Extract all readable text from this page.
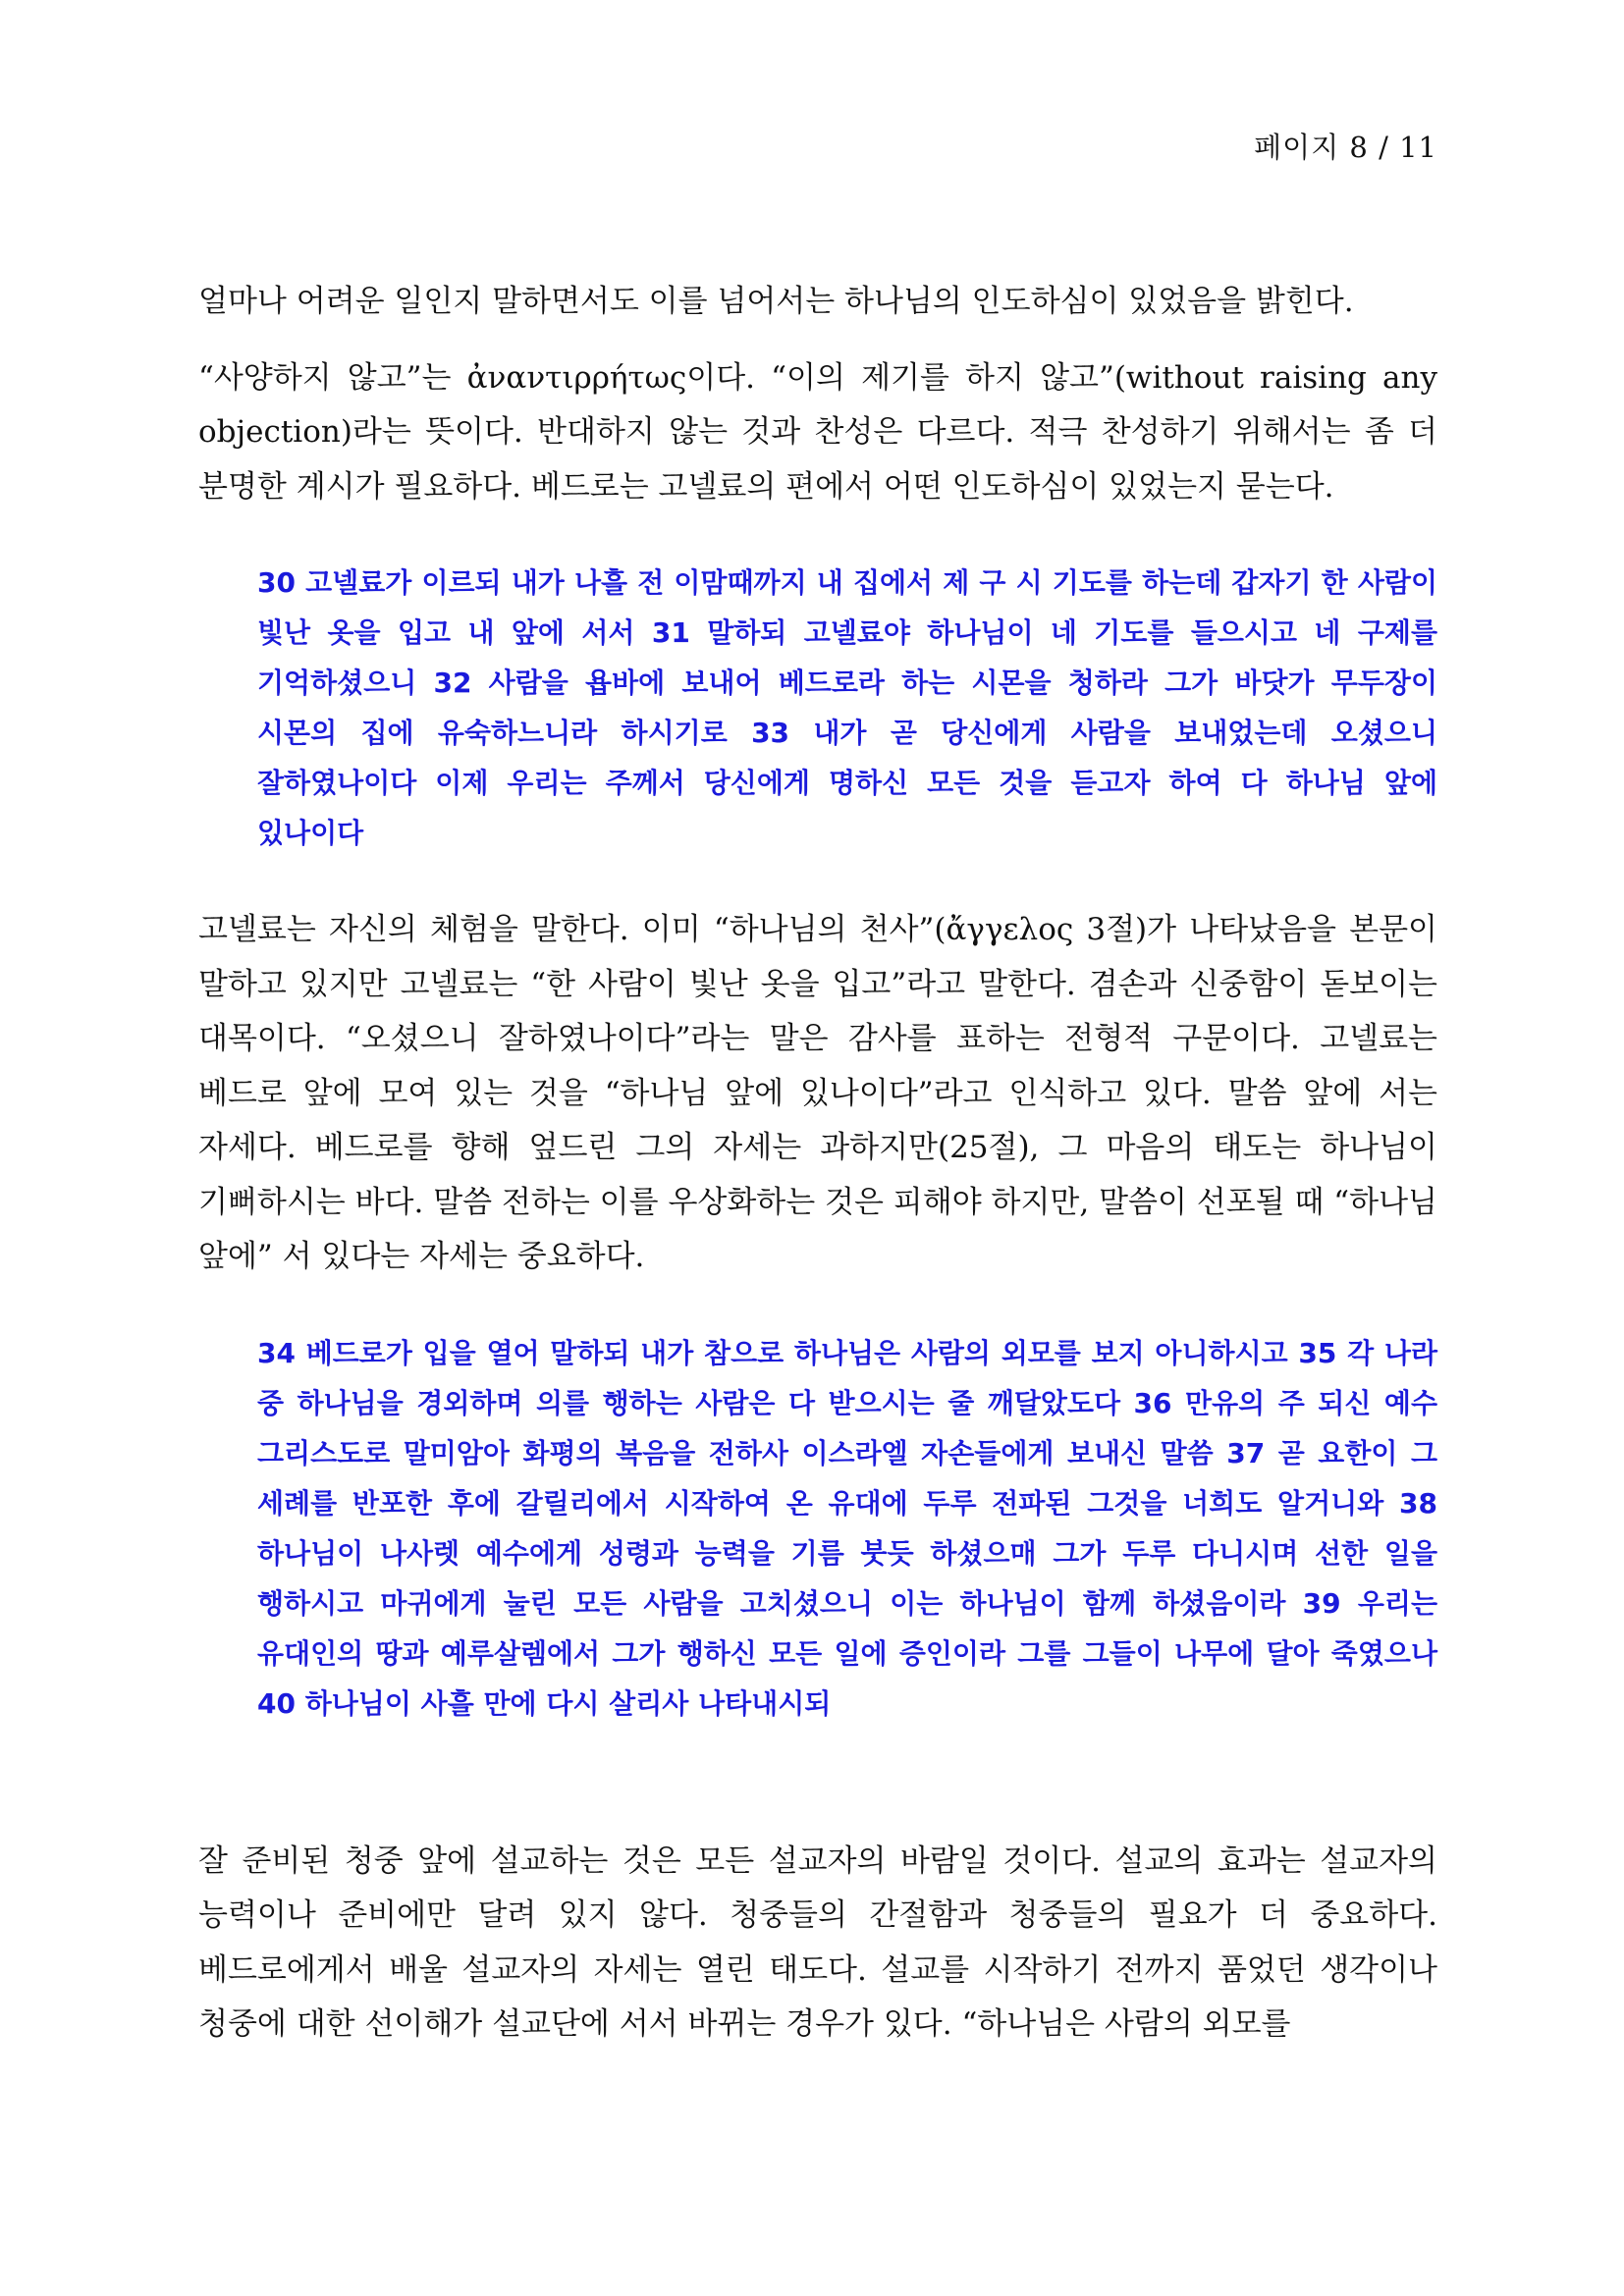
페이지 8 / 11

얼마나 어려운 일인지 말하면서도 이를 넘어서는 하나님의 인도하심이 있었음을 밝힌다.

“사양하지 않고”는 ἀναντιρρήτως이다. “이의 제기를 하지 않고”(without raising any objection)라는 뜻이다. 반대하지 않는 것과 찬성은 다르다. 적극 찬성하기 위해서는 좀 더 분명한 계시가 필요하다. 베드로는 고넬료의 편에서 어떤 인도하심이 있었는지 묻는다.

30 고넬료가 이르되 내가 나흘 전 이맘때까지 내 집에서 제 구 시 기도를 하는데 갑자기 한 사람이 빛난 옷을 입고 내 앞에 서서 31 말하되 고넬료야 하나님이 네 기도를 들으시고 네 구제를 기억하셨으니 32 사람을 욥바에 보내어 베드로라 하는 시몬을 청하라 그가 바닷가 무두장이 시몬의 집에 유숙하느니라 하시기로 33 내가 곧 당신에게 사람을 보내었는데 오셨으니 잘하였나이다 이제 우리는 주께서 당신에게 명하신 모든 것을 듣고자 하여 다 하나님 앞에 있나이다

고넬료는 자신의 체험을 말한다. 이미 “하나님의 천사”(ἄγγελος 3절)가 나타났음을 본문이 말하고 있지만 고넬료는 “한 사람이 빛난 옷을 입고”라고 말한다. 겸손과 신중함이 돋보이는 대목이다. “오셨으니 잘하였나이다”라는 말은 감사를 표하는 전형적 구문이다. 고넬료는 베드로 앞에 모여 있는 것을 “하나님 앞에 있나이다”라고 인식하고 있다. 말씀 앞에 서는 자세다. 베드로를 향해 엎드린 그의 자세는 과하지만(25절), 그 마음의 태도는 하나님이 기뻐하시는 바다. 말씀 전하는 이를 우상화하는 것은 피해야 하지만, 말씀이 선포될 때 “하나님 앞에” 서 있다는 자세는 중요하다.

34 베드로가 입을 열어 말하되 내가 참으로 하나님은 사람의 외모를 보지 아니하시고 35 각 나라 중 하나님을 경외하며 의를 행하는 사람은 다 받으시는 줄 깨달았도다 36 만유의 주 되신 예수 그리스도로 말미암아 화평의 복음을 전하사 이스라엘 자손들에게 보내신 말씀 37 곧 요한이 그 세례를 반포한 후에 갈릴리에서 시작하여 온 유대에 두루 전파된 그것을 너희도 알거니와 38 하나님이 나사렛 예수에게 성령과 능력을 기름 붓듯 하셨으매 그가 두루 다니시며 선한 일을 행하시고 마귀에게 눌린 모든 사람을 고치셨으니 이는 하나님이 함께 하셨음이라 39 우리는 유대인의 땅과 예루살렘에서 그가 행하신 모든 일에 증인이라 그를 그들이 나무에 달아 죽였으나 40 하나님이 사흘 만에 다시 살리사 나타내시되

잘 준비된 청중 앞에 설교하는 것은 모든 설교자의 바람일 것이다. 설교의 효과는 설교자의 능력이나 준비에만 달려 있지 않다. 청중들의 간절함과 청중들의 필요가 더 중요하다. 베드로에게서 배울 설교자의 자세는 열린 태도다. 설교를 시작하기 전까지 품었던 생각이나 청중에 대한 선이해가 설교단에 서서 바뀌는 경우가 있다. “하나님은 사람의 외모를
